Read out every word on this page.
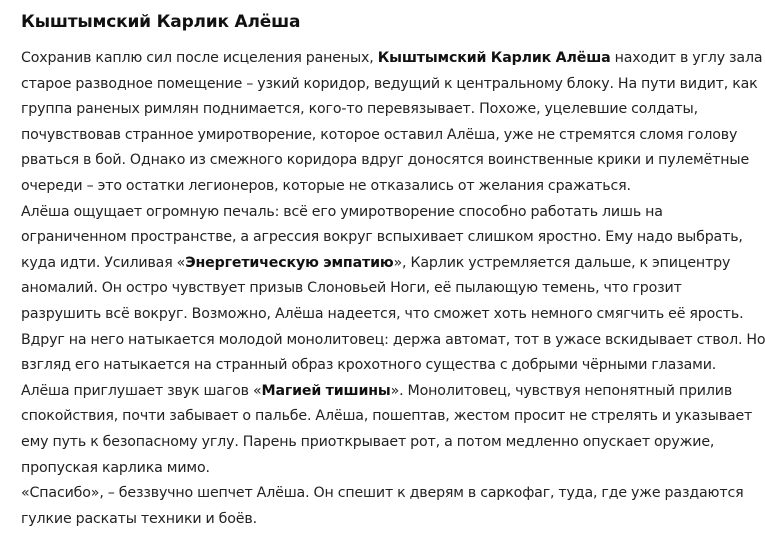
Кыштымский Карлик Алёша
Сохранив каплю сил после исцеления раненых, Кыштымский Карлик Алёша находит в углу зала
старое разводное помещение – узкий коридор, ведущий к центральному блоку. На пути видит, как
группа раненых римлян поднимается, кого-то перевязывает. Похоже, уцелевшие солдаты,
почувствовав странное умиротворение, которое оставил Алёша, уже не стремятся сломя голову
рваться в бой. Однако из смежного коридора вдруг доносятся воинственные крики и пулемётные
очереди – это остатки легионеров, которые не отказались от желания сражаться.
Алёша ощущает огромную печаль: всё его умиротворение способно работать лишь на
ограниченном пространстве, а агрессия вокруг вспыхивает слишком яростно. Ему надо выбрать,
куда идти. Усиливая «Энергетическую эмпатию», Карлик устремляется дальше, к эпицентру
аномалий. Он остро чувствует призыв Слоновьей Ноги, её пылающую темень, что грозит
разрушить всё вокруг. Возможно, Алёша надеется, что сможет хоть немного смягчить её ярость.
Вдруг на него натыкается молодой монолитовец: держа автомат, тот в ужасе вскидывает ствол. Но
взгляд его натыкается на странный образ крохотного существа с добрыми чёрными глазами.
Алёша приглушает звук шагов «Магией тишины». Монолитовец, чувствуя непонятный прилив
спокойствия, почти забывает о пальбе. Алёша, пошептав, жестом просит не стрелять и указывает
ему путь к безопасному углу. Парень приоткрывает рот, а потом медленно опускает оружие,
пропуская карлика мимо.
«Спасибо», – беззвучно шепчет Алёша. Он спешит к дверям в саркофаг, туда, где уже раздаются
гулкие раскаты техники и боёв.
